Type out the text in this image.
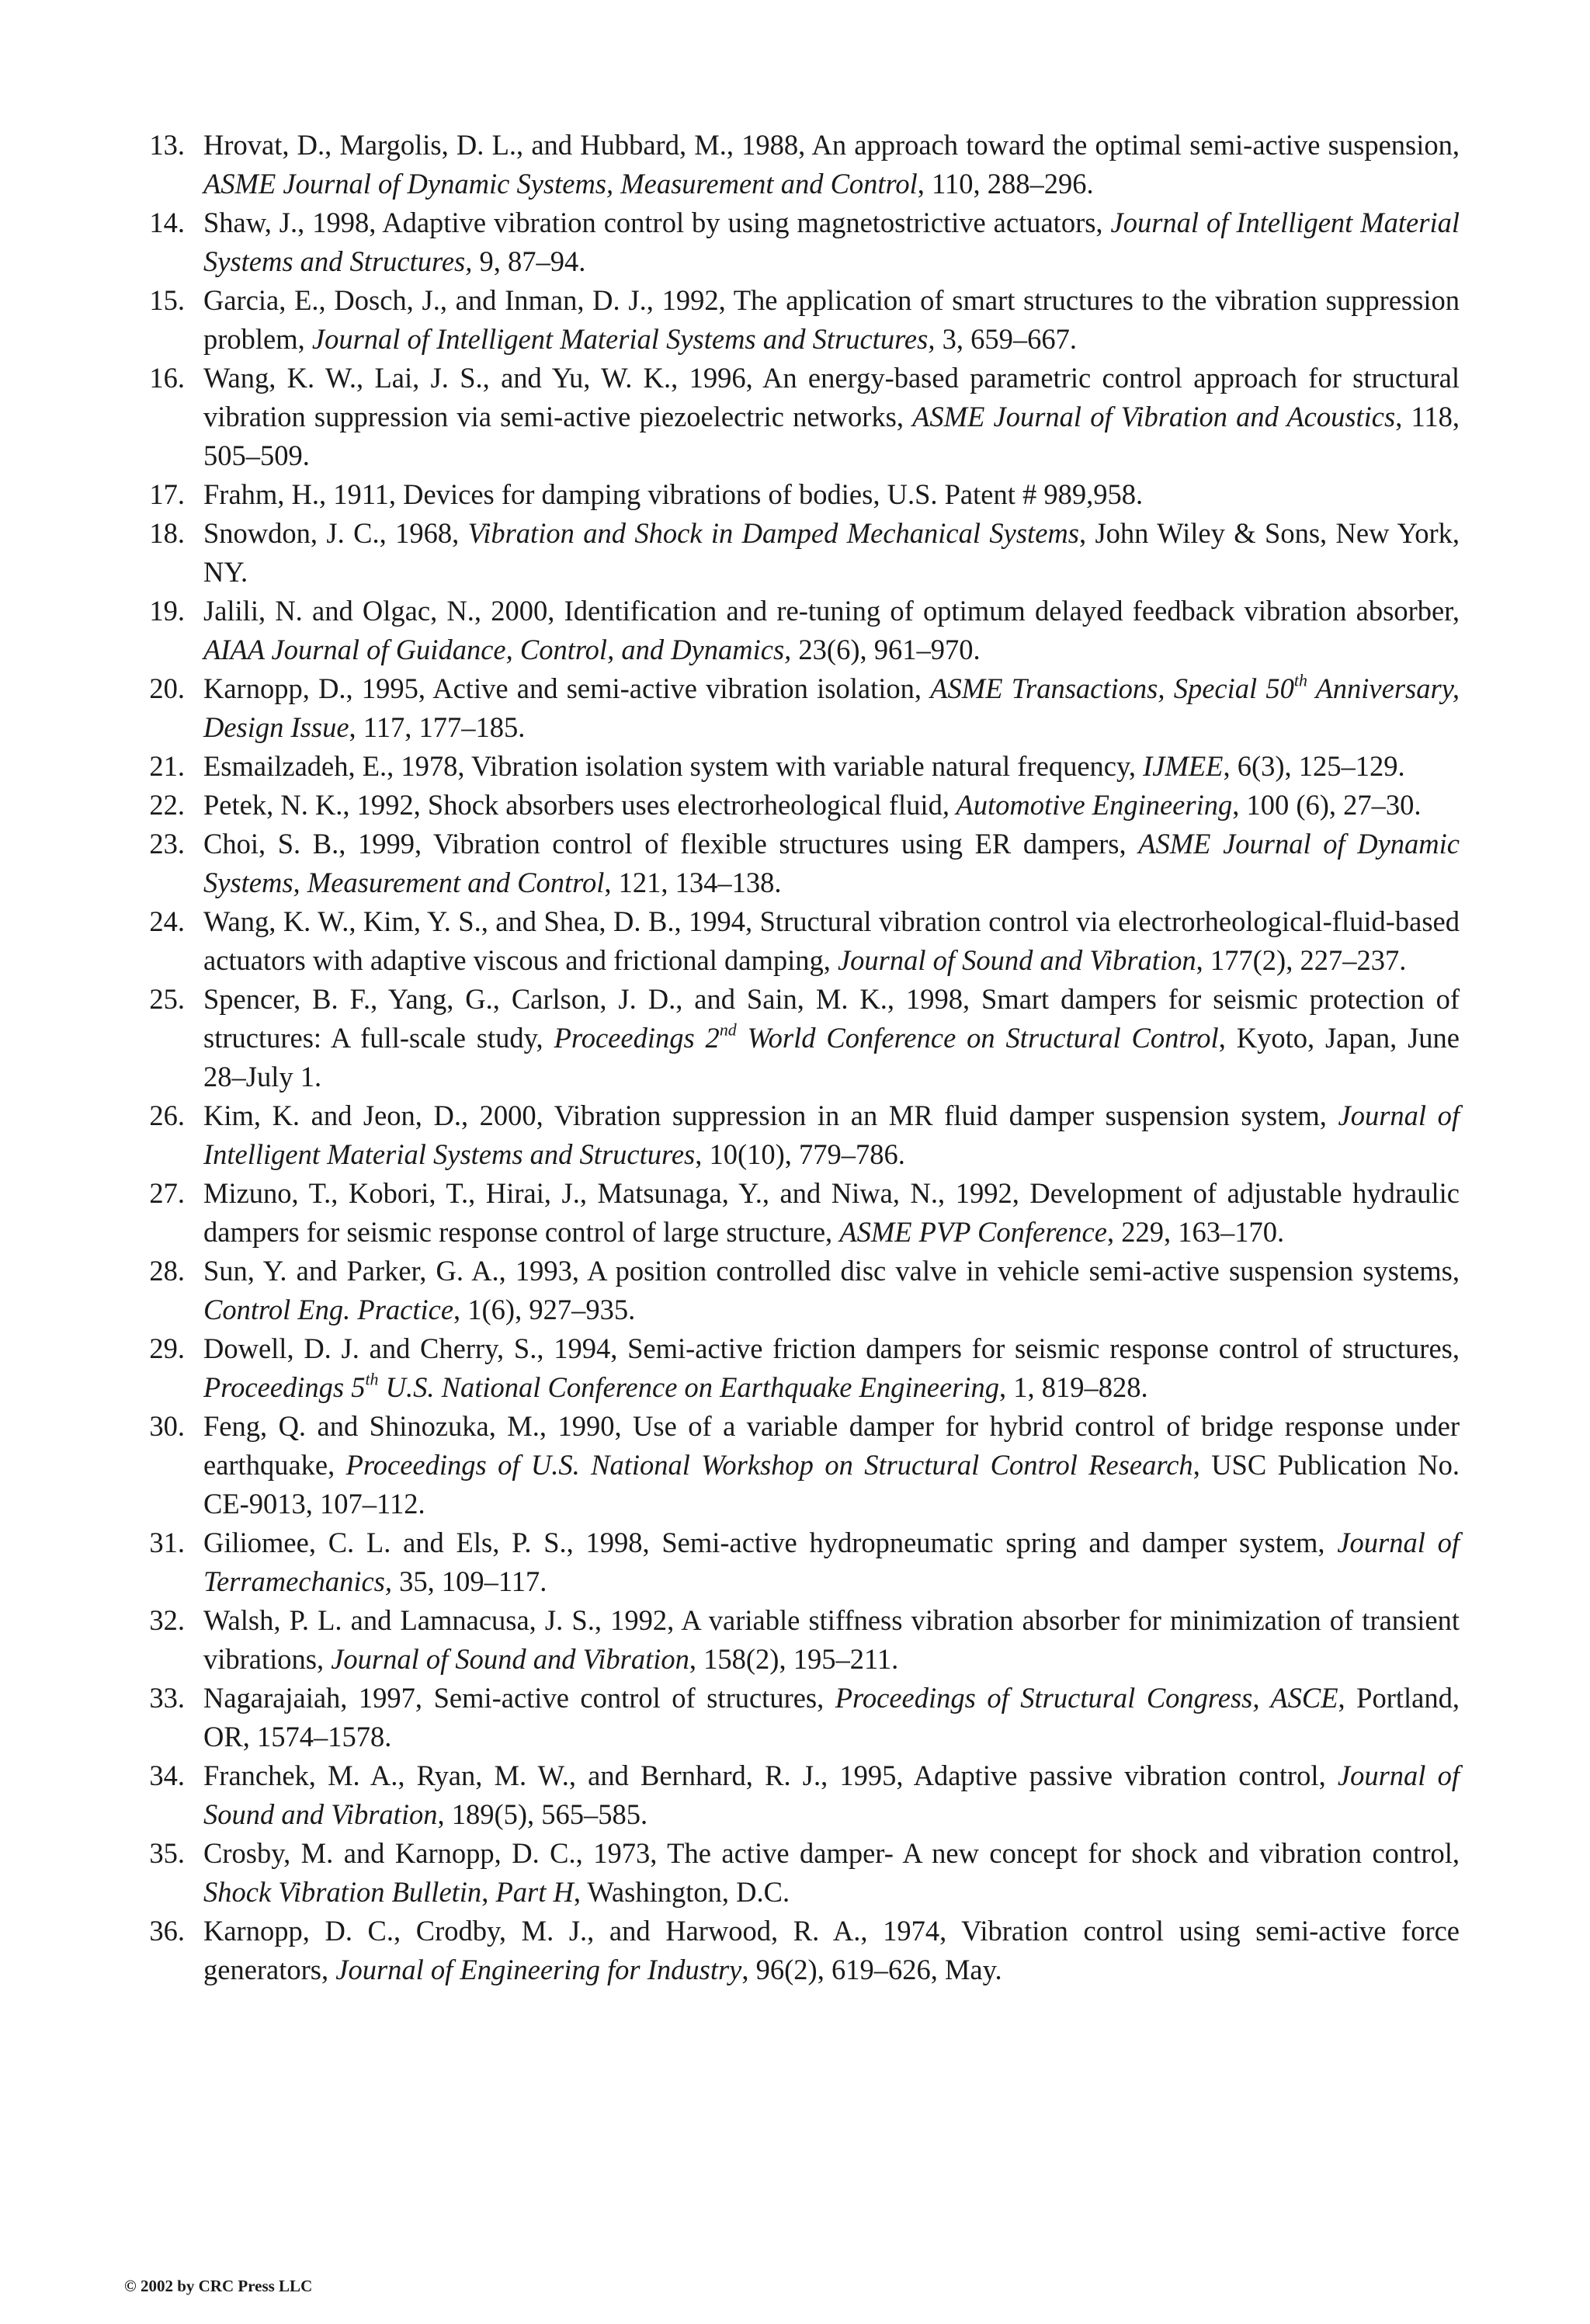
13 . Hrovat, D., Margolis, D. L., and Hubbard, M., 1988, An approach toward the optimal semi-active suspension, ASME Journal of Dynamic Systems, Measurement and Control, 110, 288–296.
14 . Shaw, J., 1998, Adaptive vibration control by using magnetostrictive actuators, Journal of Intelligent Material Systems and Structures, 9, 87–94.
15 . Garcia, E., Dosch, J., and Inman, D. J., 1992, The application of smart structures to the vibration suppression problem, Journal of Intelligent Material Systems and Structures, 3, 659–667.
16 . Wang, K. W., Lai, J. S., and Yu, W. K., 1996, An energy-based parametric control approach for structural vibration suppression via semi-active piezoelectric networks, ASME Journal of Vibration and Acoustics, 118, 505–509.
17 . Frahm, H., 1911, Devices for damping vibrations of bodies, U.S. Patent # 989,958.
18 . Snowdon, J. C., 1968, Vibration and Shock in Damped Mechanical Systems, John Wiley & Sons, New York, NY.
19 . Jalili, N. and Olgac, N., 2000, Identification and re-tuning of optimum delayed feedback vibration absorber, AIAA Journal of Guidance, Control, and Dynamics, 23(6), 961–970.
20 . Karnopp, D., 1995, Active and semi-active vibration isolation, ASME Transactions, Special 50th Anniversary, Design Issue, 117, 177–185.
21 . Esmailzadeh, E., 1978, Vibration isolation system with variable natural frequency, IJMEE, 6(3), 125–129.
22 . Petek, N. K., 1992, Shock absorbers uses electrorheological fluid, Automotive Engineering, 100 (6), 27–30.
23 . Choi, S. B., 1999, Vibration control of flexible structures using ER dampers, ASME Journal of Dynamic Systems, Measurement and Control, 121, 134–138.
24 . Wang, K. W., Kim, Y. S., and Shea, D. B., 1994, Structural vibration control via electrorheological-fluid-based actuators with adaptive viscous and frictional damping, Journal of Sound and Vibration, 177(2), 227–237.
25 . Spencer, B. F., Yang, G., Carlson, J. D., and Sain, M. K., 1998, Smart dampers for seismic protection of structures: A full-scale study, Proceedings 2nd World Conference on Structural Control, Kyoto, Japan, June 28–July 1.
26 . Kim, K. and Jeon, D., 2000, Vibration suppression in an MR fluid damper suspension system, Journal of Intelligent Material Systems and Structures, 10(10), 779–786.
27 . Mizuno, T., Kobori, T., Hirai, J., Matsunaga, Y., and Niwa, N., 1992, Development of adjustable hydraulic dampers for seismic response control of large structure, ASME PVP Conference, 229, 163–170.
28 . Sun, Y. and Parker, G. A., 1993, A position controlled disc valve in vehicle semi-active suspension systems, Control Eng. Practice, 1(6), 927–935.
29 . Dowell, D. J. and Cherry, S., 1994, Semi-active friction dampers for seismic response control of structures, Proceedings 5th U.S. National Conference on Earthquake Engineering, 1, 819–828.
30 . Feng, Q. and Shinozuka, M., 1990, Use of a variable damper for hybrid control of bridge response under earthquake, Proceedings of U.S. National Workshop on Structural Control Research, USC Publication No. CE-9013, 107–112.
31 . Giliomee, C. L. and Els, P. S., 1998, Semi-active hydropneumatic spring and damper system, Journal of Terramechanics, 35, 109–117.
32 . Walsh, P. L. and Lamnacusa, J. S., 1992, A variable stiffness vibration absorber for minimization of transient vibrations, Journal of Sound and Vibration, 158(2), 195–211.
33 . Nagarajaiah, 1997, Semi-active control of structures, Proceedings of Structural Congress, ASCE, Portland, OR, 1574–1578.
34 . Franchek, M. A., Ryan, M. W., and Bernhard, R. J., 1995, Adaptive passive vibration control, Journal of Sound and Vibration, 189(5), 565–585.
35 . Crosby, M. and Karnopp, D. C., 1973, The active damper- A new concept for shock and vibration control, Shock Vibration Bulletin, Part H, Washington, D.C.
36 . Karnopp, D. C., Crodby, M. J., and Harwood, R. A., 1974, Vibration control using semi-active force generators, Journal of Engineering for Industry, 96(2), 619–626, May.
© 2002 by CRC Press LLC
